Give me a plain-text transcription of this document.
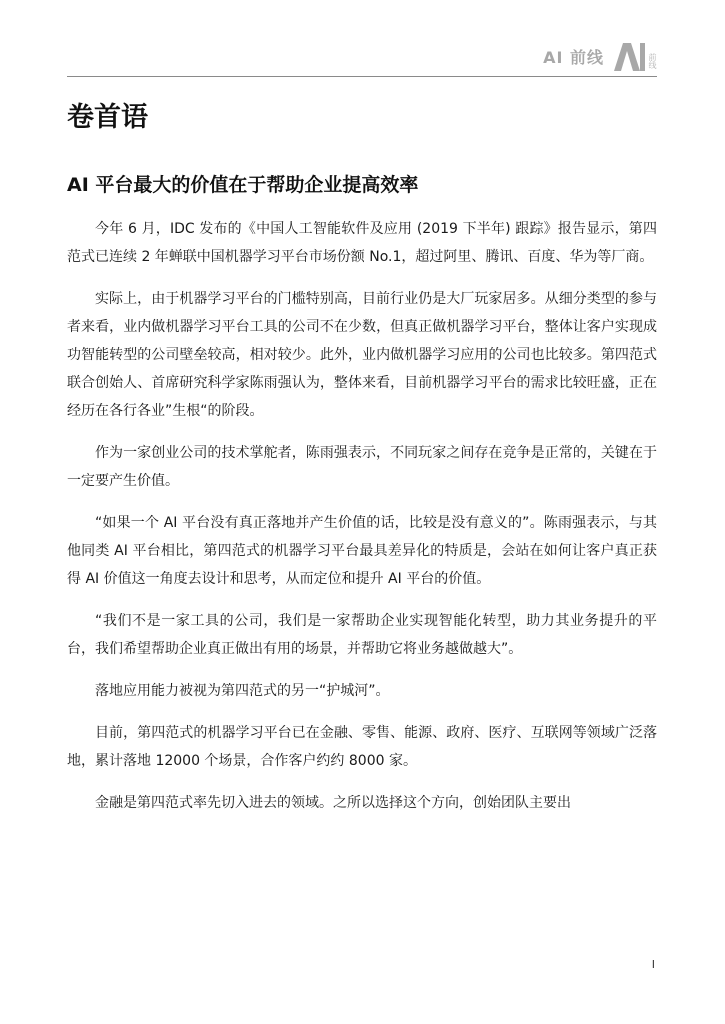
AI 前线	前线
卷首语
AI 平台最大的价值在于帮助企业提高效率

今年 6 月，IDC 发布的《中国人工智能软件及应用 (2019 下半年) 跟踪》报告显示，第四范式已连续 2 年蝉联中国机器学习平台市场份额 No.1，超过阿里、腾讯、百度、华为等厂商。

实际上，由于机器学习平台的门槛特别高，目前行业仍是大厂玩家居多。从细分类型的参与者来看，业内做机器学习平台工具的公司不在少数，但真正做机器学习平台，整体让客户实现成功智能转型的公司壁垒较高，相对较少。此外，业内做机器学习应用的公司也比较多。第四范式联合创始人、首席研究科学家陈雨强认为，整体来看，目前机器学习平台的需求比较旺盛，正在经历在各行各业”生根“的阶段。

作为一家创业公司的技术掌舵者，陈雨强表示，不同玩家之间存在竞争是正常的，关键在于一定要产生价值。

“如果一个 AI 平台没有真正落地并产生价值的话，比较是没有意义的”。陈雨强表示，与其他同类 AI 平台相比，第四范式的机器学习平台最具差异化的特质是，会站在如何让客户真正获得 AI 价值这一角度去设计和思考，从而定位和提升 AI 平台的价值。

“我们不是一家工具的公司，我们是一家帮助企业实现智能化转型，助力其业务提升的平台，我们希望帮助企业真正做出有用的场景，并帮助它将业务越做越大”。

落地应用能力被视为第四范式的另一“护城河”。

目前，第四范式的机器学习平台已在金融、零售、能源、政府、医疗、互联网等领域广泛落地，累计落地 12000 个场景，合作客户约约 8000 家。

金融是第四范式率先切入进去的领域。之所以选择这个方向，创始团队主要出

I
